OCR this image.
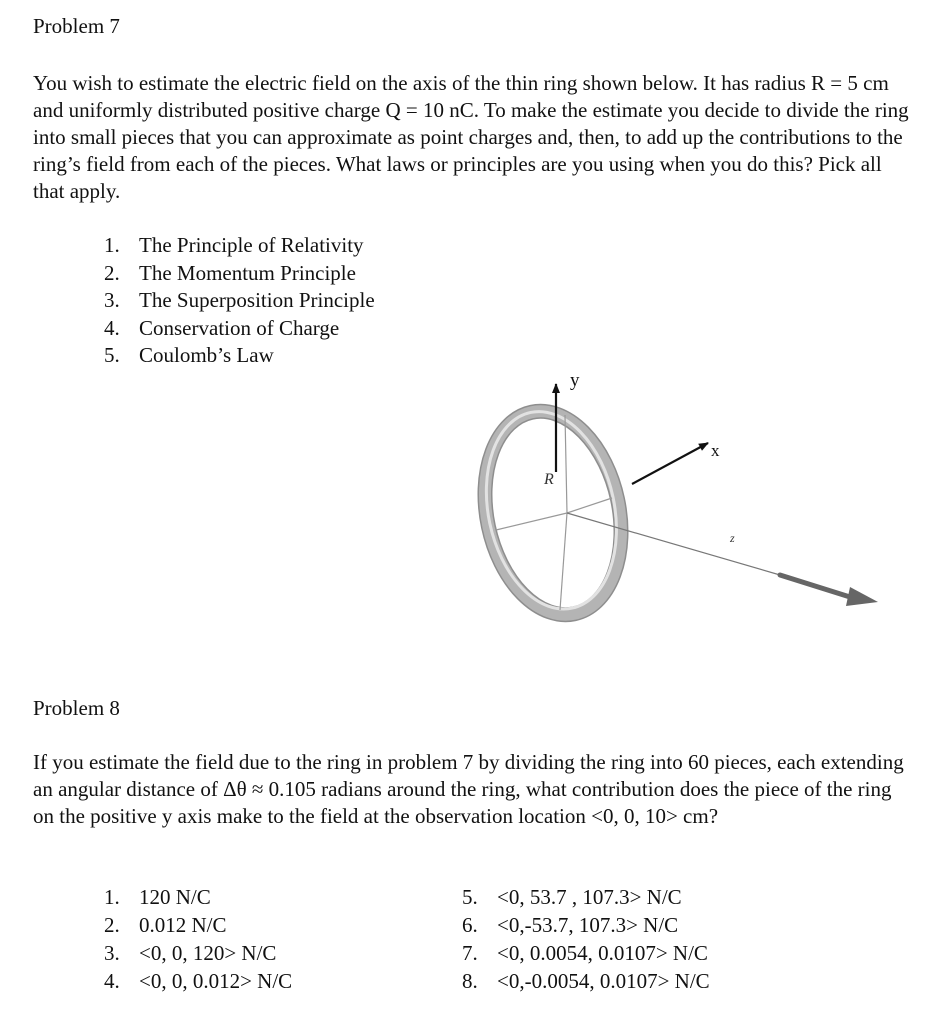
Problem 7
You wish to estimate the electric field on the axis of the thin ring shown below. It has radius R = 5 cm and uniformly distributed positive charge Q = 10 nC. To make the estimate you decide to divide the ring into small pieces that you can approximate as point charges and, then, to add up the contributions to the ring’s field from each of the pieces. What laws or principles are you using when you do this? Pick all that apply.
1. The Principle of Relativity
2. The Momentum Principle
3. The Superposition Principle
4. Conservation of Charge
5. Coulomb’s Law
y
x
z
R
Problem 8
If you estimate the field due to the ring in problem 7 by dividing the ring into 60 pieces, each extending an angular distance of Δθ ≈ 0.105 radians around the ring, what contribution does the piece of the ring on the positive y axis make to the field at the observation location <0, 0, 10> cm?
1. 120 N/C
2. 0.012 N/C
3. <0, 0, 120> N/C
4. <0, 0, 0.012> N/C
5. <0, 53.7 , 107.3> N/C
6. <0,-53.7, 107.3> N/C
7. <0, 0.0054, 0.0107> N/C
8. <0,-0.0054, 0.0107> N/C
